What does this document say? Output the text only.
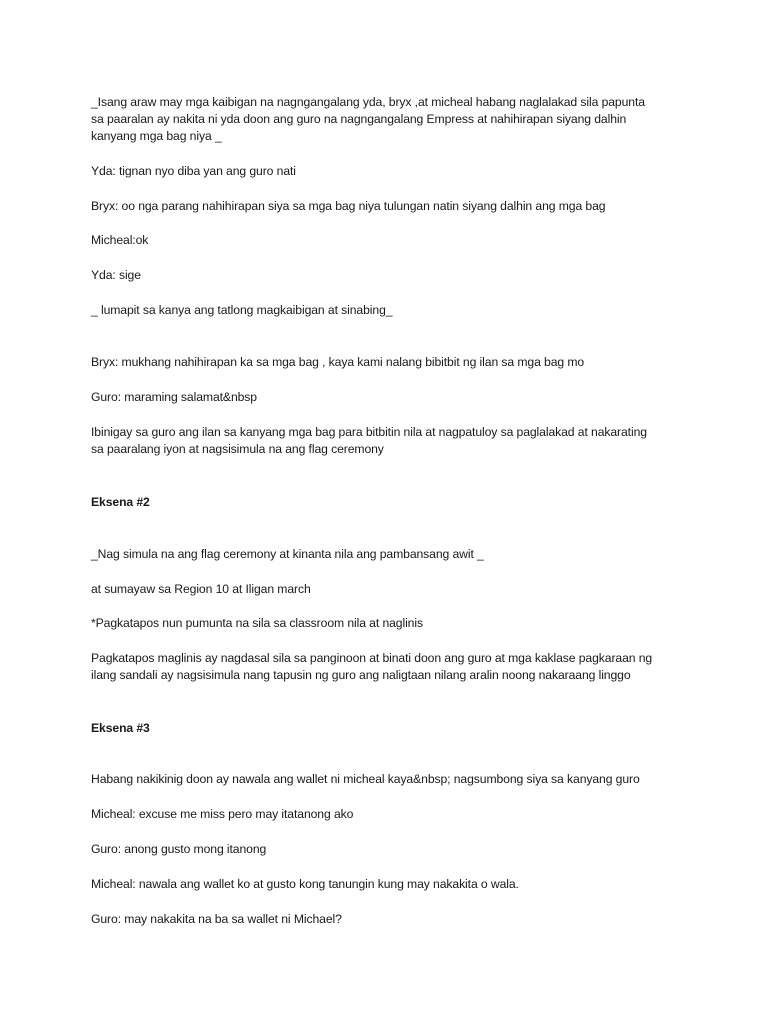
_Isang araw may mga kaibigan na nagngangalang yda, bryx ,at micheal habang naglalakad sila papunta
sa paaralan ay nakita ni yda doon ang guro na nagngangalang Empress at nahihirapan siyang dalhin
kanyang mga bag niya _

Yda: tignan nyo diba yan ang guro nati

Bryx: oo nga parang nahihirapan siya sa mga bag niya tulungan natin siyang dalhin ang mga bag

Micheal:ok

Yda: sige

_ lumapit sa kanya ang tatlong magkaibigan at sinabing_

Bryx: mukhang nahihirapan ka sa mga bag , kaya kami nalang bibitbit ng ilan sa mga bag mo

Guro: maraming salamat&nbsp

Ibinigay sa guro ang ilan sa kanyang mga bag para bitbitin nila at nagpatuloy sa paglalakad at nakarating
sa paaralang iyon at nagsisimula na ang flag ceremony

Eksena #2

_Nag simula na ang flag ceremony at kinanta nila ang pambansang awit _

at sumayaw sa Region 10 at Iligan march

*Pagkatapos nun pumunta na sila sa classroom nila at naglinis

Pagkatapos maglinis ay nagdasal sila sa panginoon at binati doon ang guro at mga kaklase pagkaraan ng
ilang sandali ay nagsisimula nang tapusin ng guro ang naligtaan nilang aralin noong nakaraang linggo

Eksena #3

Habang nakikinig doon ay nawala ang wallet ni micheal kaya&nbsp; nagsumbong siya sa kanyang guro

Micheal: excuse me miss pero may itatanong ako

Guro: anong gusto mong itanong

Micheal: nawala ang wallet ko at gusto kong tanungin kung may nakakita o wala.

Guro: may nakakita na ba sa wallet ni Michael?
